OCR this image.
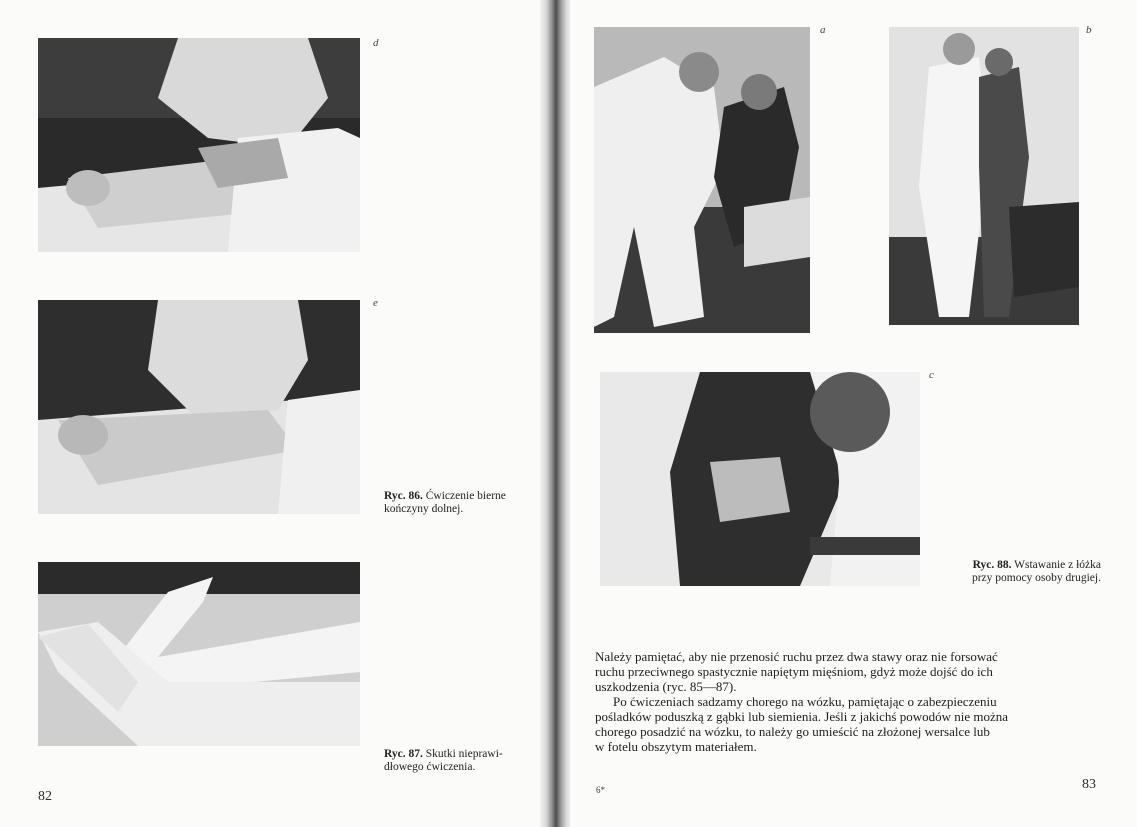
d
e
Ryc. 86. Ćwiczenie bierne
kończyny dolnej.
Ryc. 87. Skutki nieprawi-
dłowego ćwiczenia.
82
a	b
c
Ryc. 88. Wstawanie z łóżka
przy pomocy osoby drugiej.

Należy pamiętać, aby nie przenosić ruchu przez dwa stawy oraz nie forsować

ruchu przeciwnego spastycznie napiętym mięśniom, gdyż może dojść do ich

uszkodzenia (ryc. 85—87).

Po ćwiczeniach sadzamy chorego na wózku, pamiętając o zabezpieczeniu

pośladków poduszką z gąbki lub siemienia. Jeśli z jakichś powodów nie można

chorego posadzić na wózku, to należy go umieścić na złożonej wersalce lub

w fotelu obszytym materiałem.

6*	83
